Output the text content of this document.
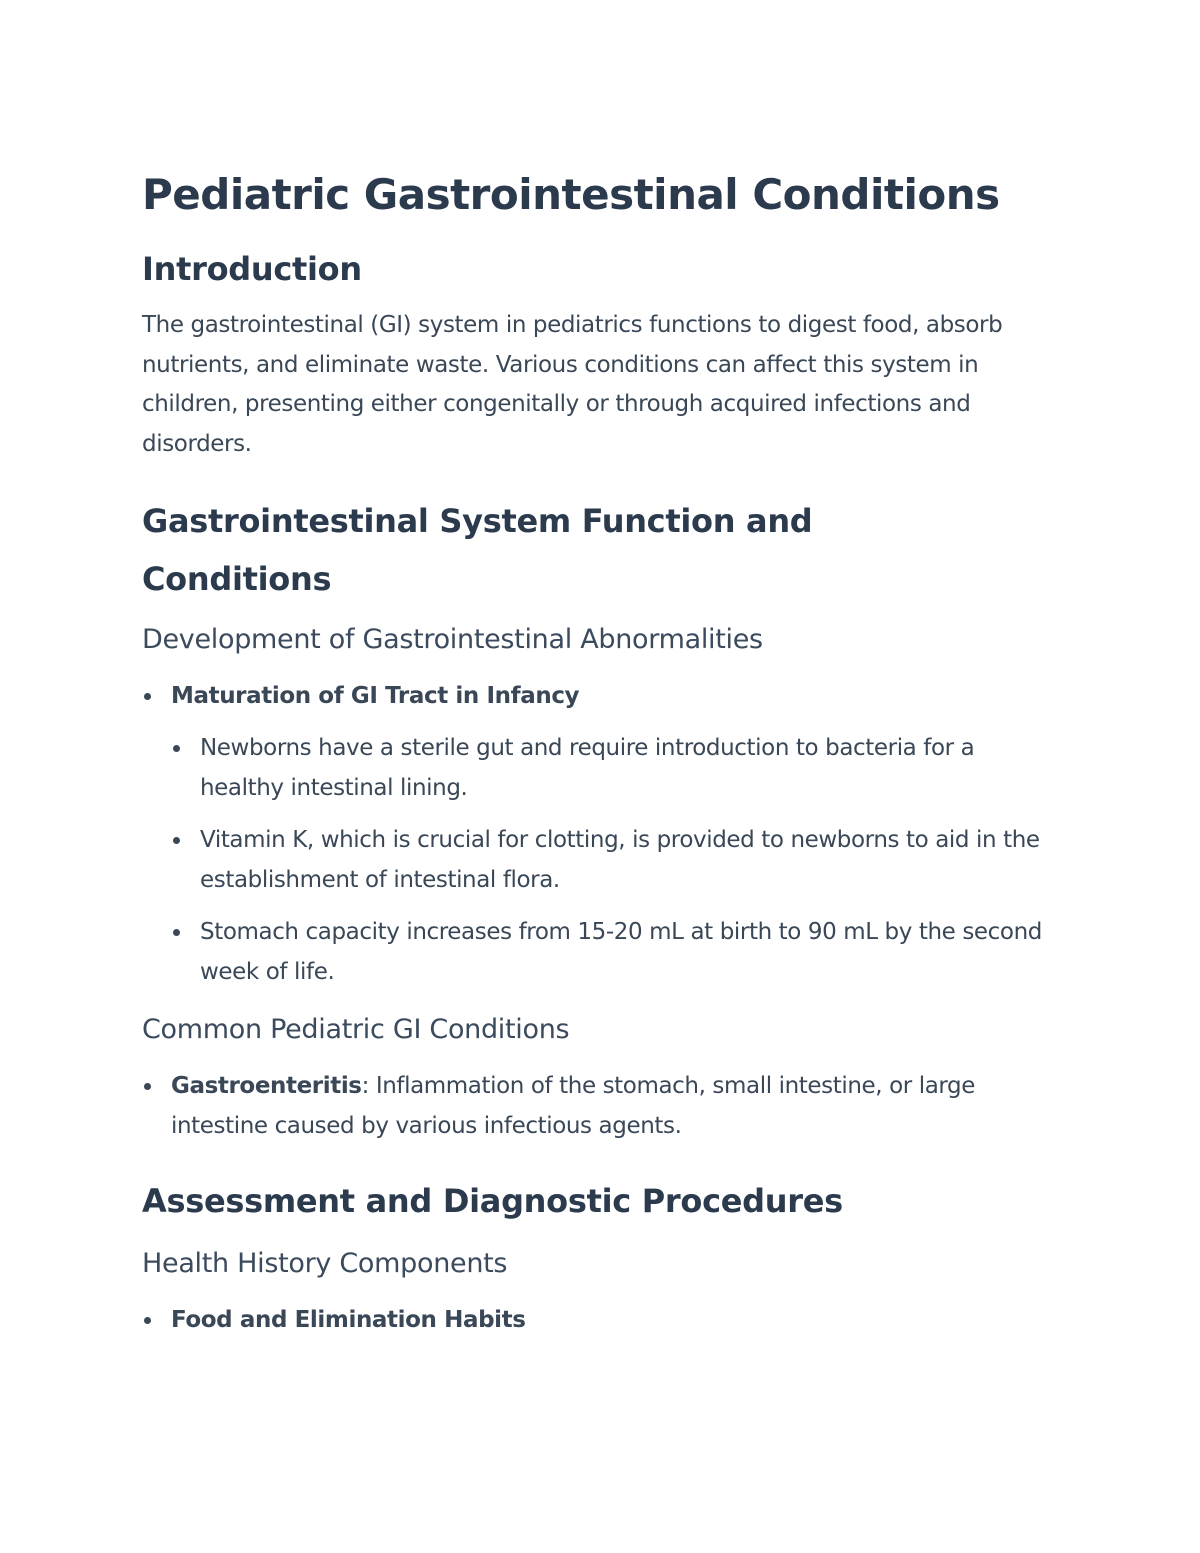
Pediatric Gastrointestinal Conditions
Introduction

The gastrointestinal (GI) system in pediatrics functions to digest food, absorb nutrients, and eliminate waste. Various conditions can affect this system in children, presenting either congenitally or through acquired infections and disorders.

Gastrointestinal System Function and Conditions
Development of Gastrointestinal Abnormalities
Maturation of GI Tract in Infancy
Newborns have a sterile gut and require introduction to bacteria for a healthy intestinal lining.
Vitamin K, which is crucial for clotting, is provided to newborns to aid in the establishment of intestinal flora.
Stomach capacity increases from 15-20 mL at birth to 90 mL by the second week of life.
Common Pediatric GI Conditions
Gastroenteritis: Inflammation of the stomach, small intestine, or large intestine caused by various infectious agents.
Assessment and Diagnostic Procedures
Health History Components
Food and Elimination Habits
